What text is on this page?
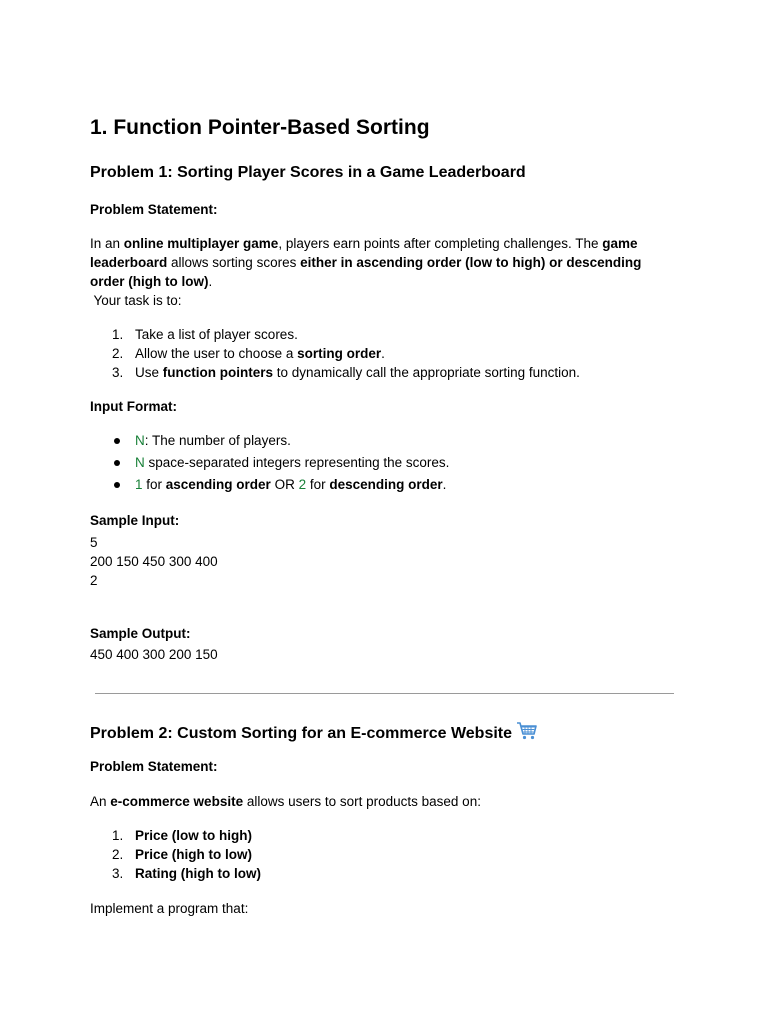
1. Function Pointer-Based Sorting
Problem 1: Sorting Player Scores in a Game Leaderboard
Problem Statement:

In an online multiplayer game, players earn points after completing challenges. The game leaderboard allows sorting scores either in ascending order (low to high) or descending order (high to low).

Your task is to:
1. Take a list of player scores.
2. Allow the user to choose a sorting order.
3. Use function pointers to dynamically call the appropriate sorting function.
Input Format:
N: The number of players.
N space-separated integers representing the scores.
1 for ascending order OR 2 for descending order.
Sample Input:
5
200 150 450 300 400
2
Sample Output:
450 400 300 200 150
Problem 2: Custom Sorting for an E-commerce Website
Problem Statement:

An e-commerce website allows users to sort products based on:

1. Price (low to high)
2. Price (high to low)
3. Rating (high to low)
Implement a program that:
